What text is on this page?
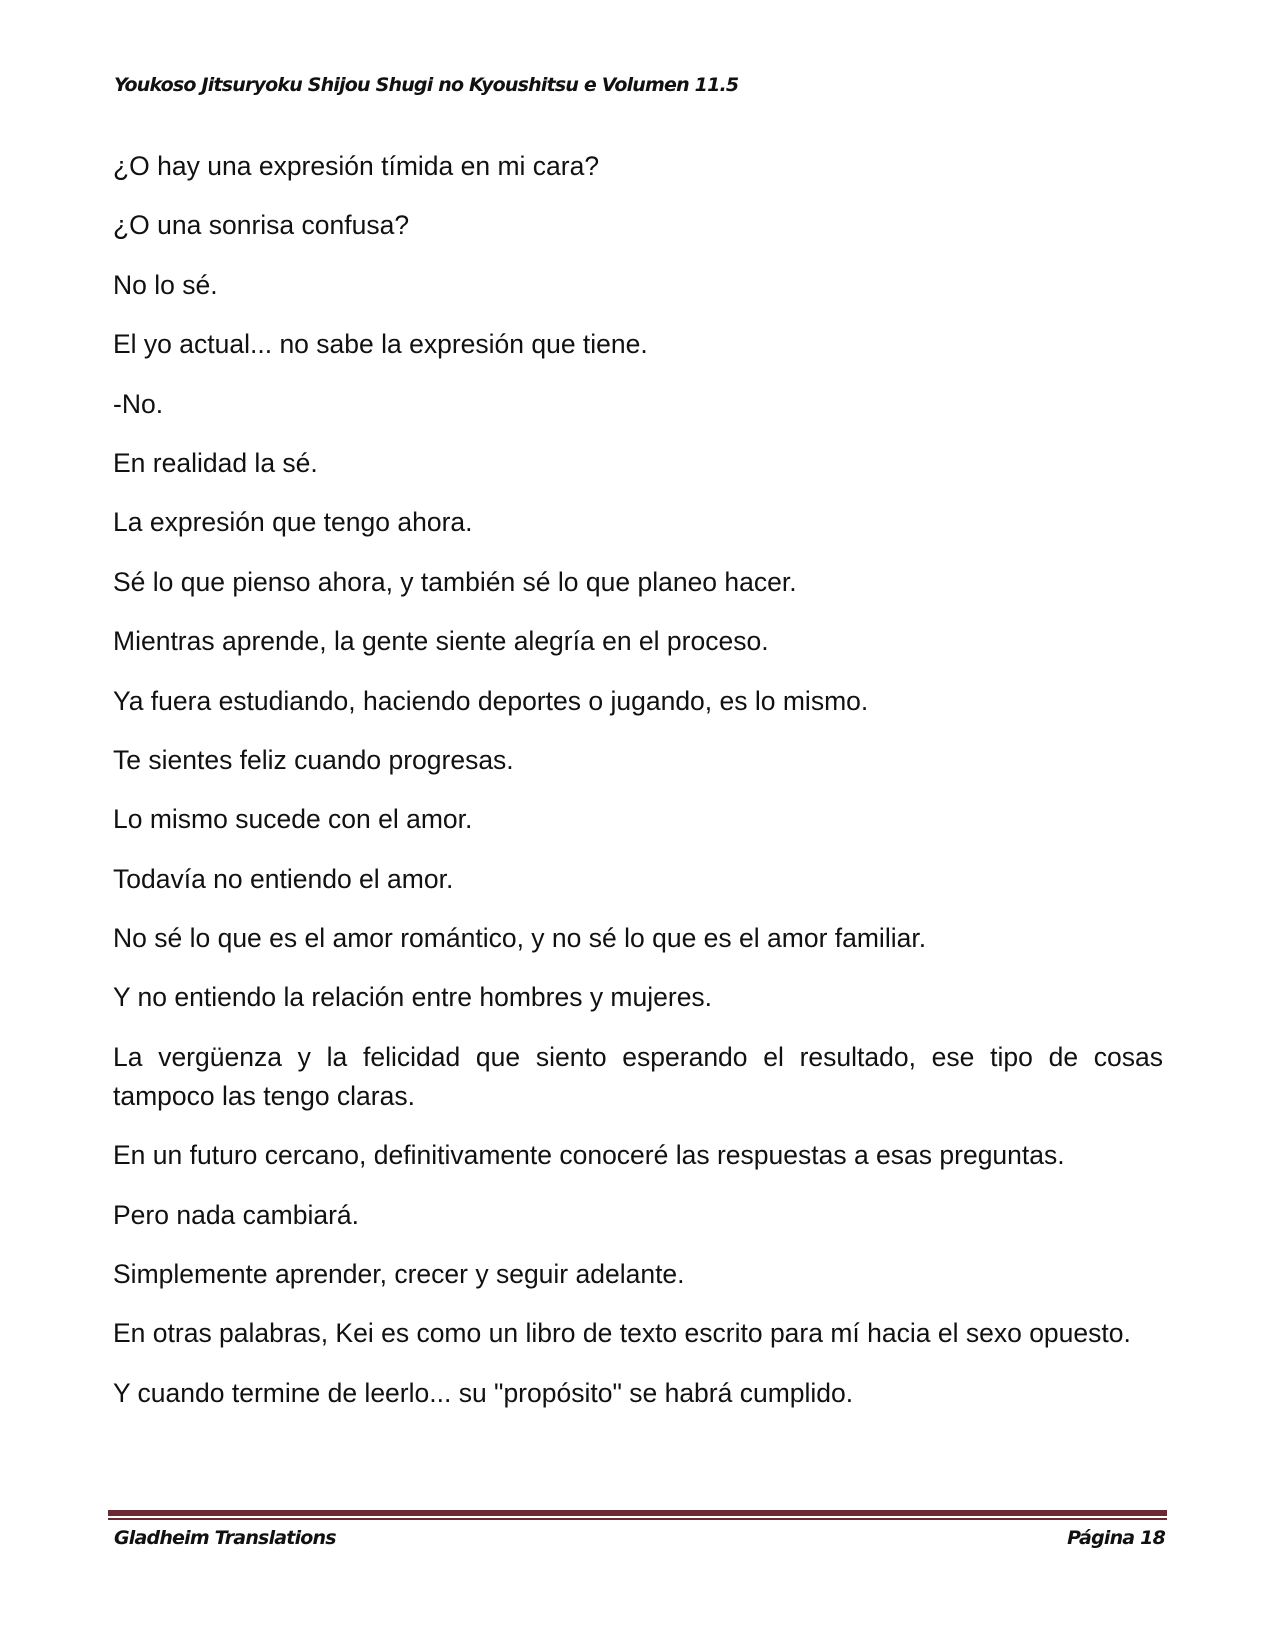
Youkoso Jitsuryoku Shijou Shugi no Kyoushitsu e Volumen 11.5

¿O hay una expresión tímida en mi cara?

¿O una sonrisa confusa?

No lo sé.

El yo actual... no sabe la expresión que tiene.

-No.

En realidad la sé.

La expresión que tengo ahora.

Sé lo que pienso ahora, y también sé lo que planeo hacer.

Mientras aprende, la gente siente alegría en el proceso.

Ya fuera estudiando, haciendo deportes o jugando, es lo mismo.

Te sientes feliz cuando progresas.

Lo mismo sucede con el amor.

Todavía no entiendo el amor.

No sé lo que es el amor romántico, y no sé lo que es el amor familiar.

Y no entiendo la relación entre hombres y mujeres.

La vergüenza y la felicidad que siento esperando el resultado, ese tipo de cosas tampoco las tengo claras.

En un futuro cercano, definitivamente conoceré las respuestas a esas preguntas.

Pero nada cambiará.

Simplemente aprender, crecer y seguir adelante.

En otras palabras, Kei es como un libro de texto escrito para mí hacia el sexo opuesto.

Y cuando termine de leerlo... su "propósito" se habrá cumplido.

Gladheim Translations	Página 18
